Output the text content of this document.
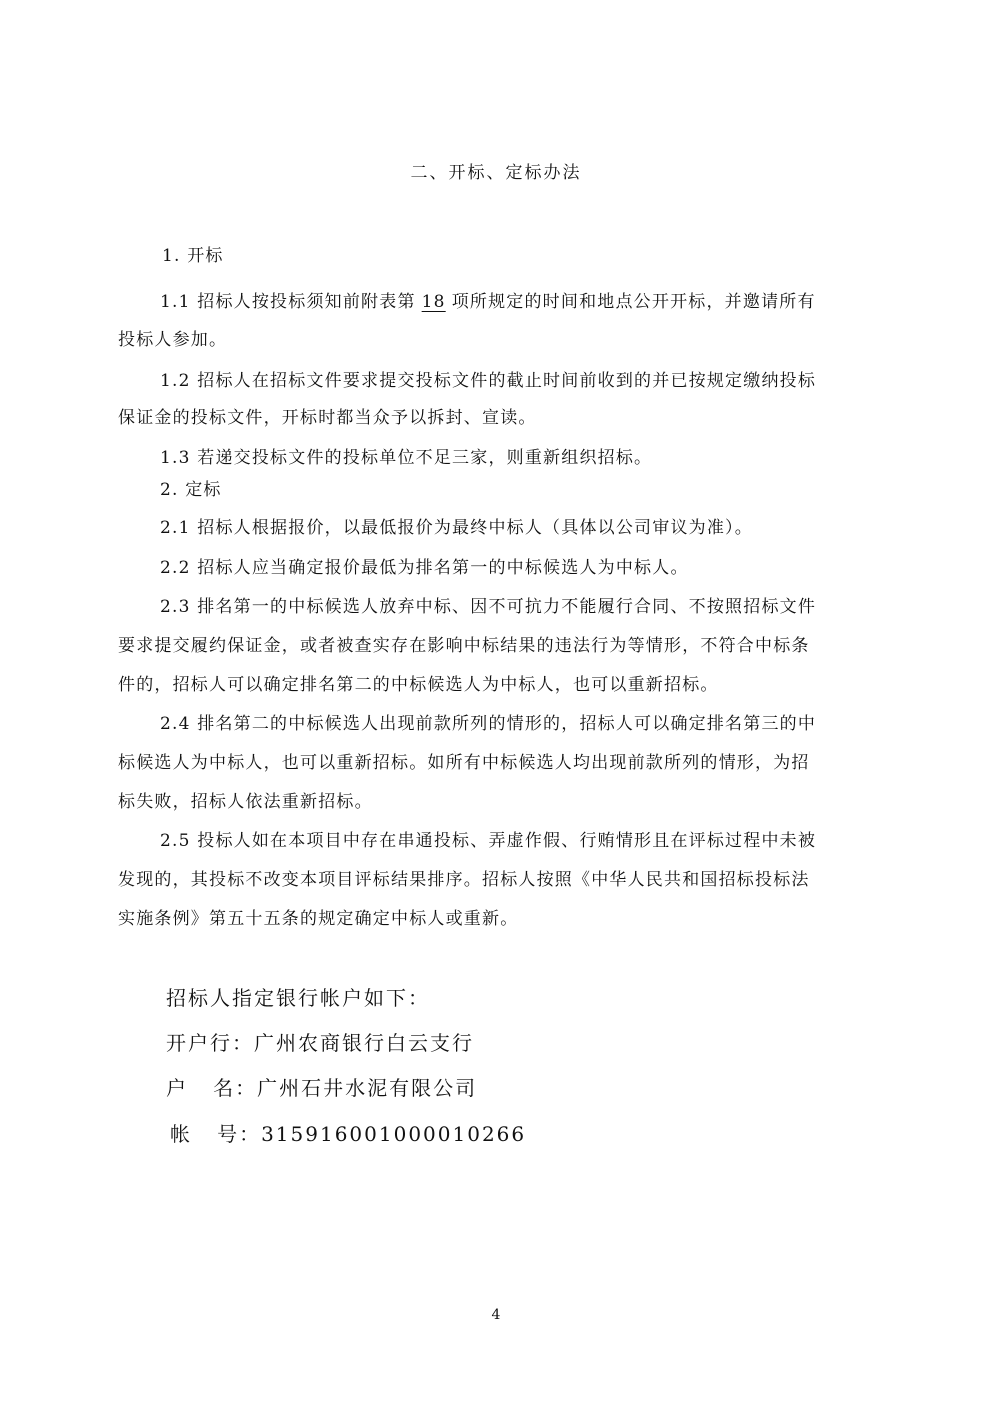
二、开标、定标办法
1. 开标
1.1 招标人按投标须知前附表第 18 项所规定的时间和地点公开开标，并邀请所有
投标人参加。
1.2 招标人在招标文件要求提交投标文件的截止时间前收到的并已按规定缴纳投标
保证金的投标文件，开标时都当众予以拆封、宣读。
1.3 若递交投标文件的投标单位不足三家，则重新组织招标。
2. 定标
2.1 招标人根据报价，以最低报价为最终中标人（具体以公司审议为准）。
2.2 招标人应当确定报价最低为排名第一的中标候选人为中标人。
2.3 排名第一的中标候选人放弃中标、因不可抗力不能履行合同、不按照招标文件
要求提交履约保证金，或者被查实存在影响中标结果的违法行为等情形，不符合中标条
件的，招标人可以确定排名第二的中标候选人为中标人，也可以重新招标。
2.4 排名第二的中标候选人出现前款所列的情形的，招标人可以确定排名第三的中
标候选人为中标人，也可以重新招标。如所有中标候选人均出现前款所列的情形，为招
标失败，招标人依法重新招标。
2.5 投标人如在本项目中存在串通投标、弄虚作假、行贿情形且在评标过程中未被
发现的，其投标不改变本项目评标结果排序。招标人按照《中华人民共和国招标投标法
实施条例》第五十五条的规定确定中标人或重新。
招标人指定银行帐户如下：
开户行：广州农商银行白云支行
户   名：广州石井水泥有限公司
帐   号：315916001000010266
4
